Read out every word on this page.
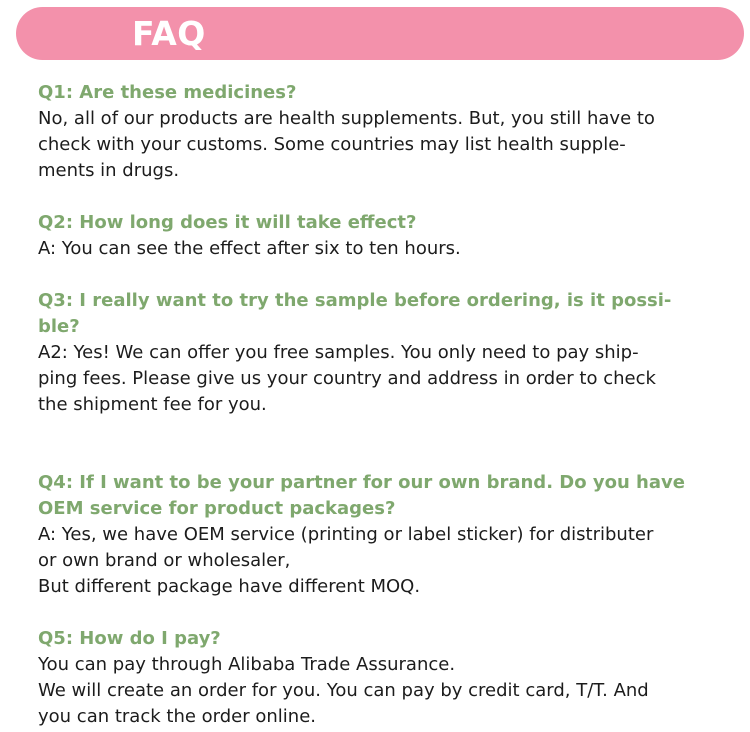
FAQ
Q1: Are these medicines?
No, all of our products are health supplements. But, you still have to
check with your customs. Some countries may list health supple-
ments in drugs.
Q2: How long does it will take effect?
A: You can see the effect after six to ten hours.
Q3: I really want to try the sample before ordering, is it possi-
ble?
A2: Yes! We can offer you free samples. You only need to pay ship-
ping fees. Please give us your country and address in order to check
the shipment fee for you.
Q4: If I want to be your partner for our own brand. Do you have
OEM service for product packages?
A: Yes, we have OEM service (printing or label sticker) for distributer
or own brand or wholesaler,
But different package have different MOQ.
Q5: How do I pay?
You can pay through Alibaba Trade Assurance.
We will create an order for you. You can pay by credit card, T/T. And
you can track the order online.
